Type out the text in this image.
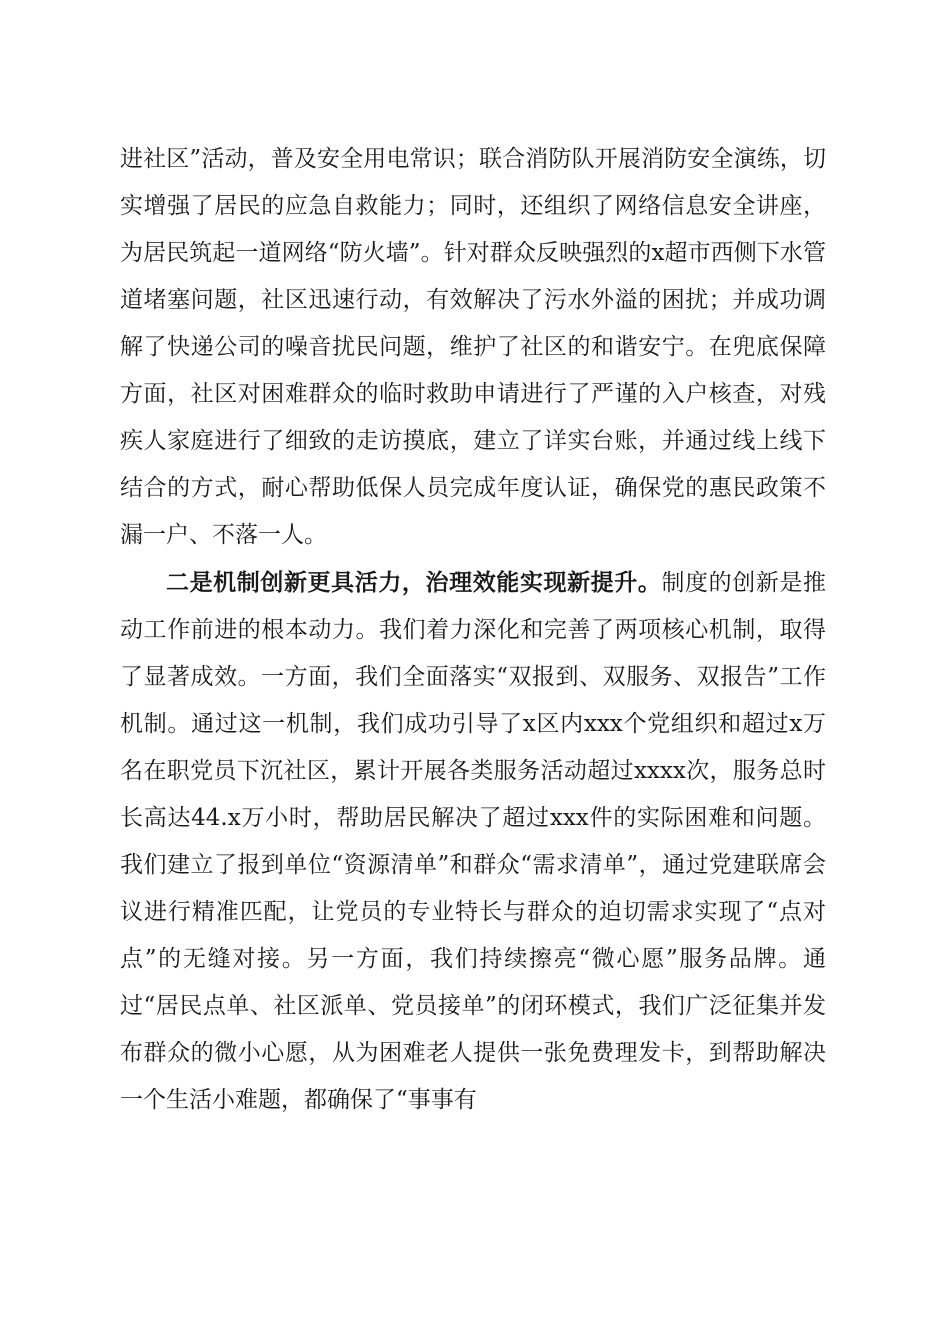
进社区”活动，普及安全用电常识；联合消防队开展消防安全演练，切实增强了居民的应急自救能力；同时，还组织了网络信息安全讲座，为居民筑起一道网络“防火墙”。针对群众反映强烈的x超市西侧下水管道堵塞问题，社区迅速行动，有效解决了污水外溢的困扰；并成功调解了快递公司的噪音扰民问题，维护了社区的和谐安宁。在兜底保障方面，社区对困难群众的临时救助申请进行了严谨的入户核查，对残疾人家庭进行了细致的走访摸底，建立了详实台账，并通过线上线下结合的方式，耐心帮助低保人员完成年度认证，确保党的惠民政策不漏一户、不落一人。

二是机制创新更具活力，治理效能实现新提升。制度的创新是推动工作前进的根本动力。我们着力深化和完善了两项核心机制，取得了显著成效。一方面，我们全面落实“双报到、双服务、双报告”工作机制。通过这一机制，我们成功引导了x区内xxx个党组织和超过x万名在职党员下沉社区，累计开展各类服务活动超过xxxx次，服务总时长高达44.x万小时，帮助居民解决了超过xxx件的实际困难和问题。我们建立了报到单位“资源清单”和群众“需求清单”，通过党建联席会议进行精准匹配，让党员的专业特长与群众的迫切需求实现了“点对点”的无缝对接。另一方面，我们持续擦亮“微心愿”服务品牌。通过“居民点单、社区派单、党员接单”的闭环模式，我们广泛征集并发布群众的微小心愿，从为困难老人提供一张免费理发卡，到帮助解决一个生活小难题，都确保了“事事有
